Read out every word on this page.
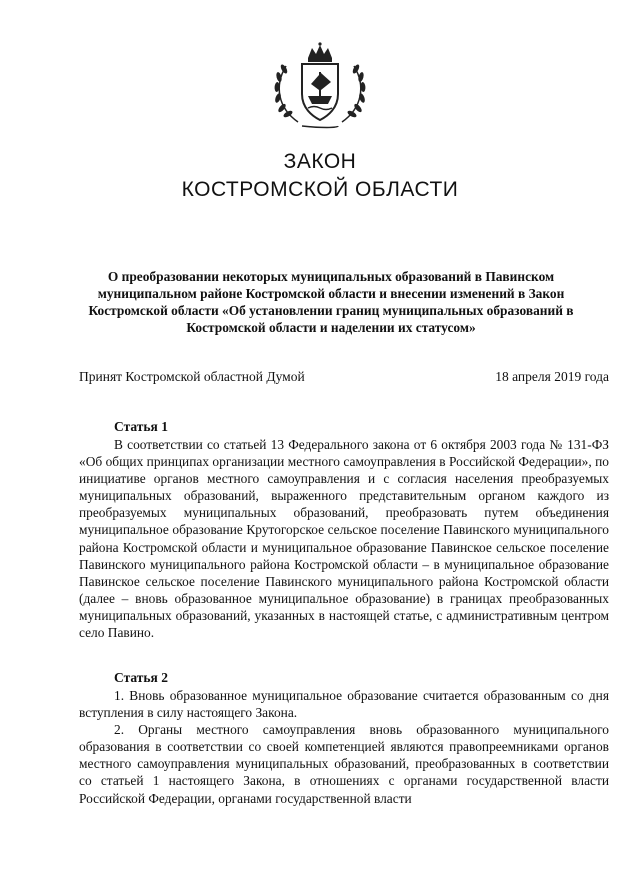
ЗАКОН
КОСТРОМСКОЙ ОБЛАСТИ
О преобразовании некоторых муниципальных образований в Павинском муниципальном районе Костромской области и внесении изменений в Закон Костромской области «Об установлении границ муниципальных образований в Костромской области и наделении их статусом»
Принят Костромской областной Думой	18 апреля 2019 года
Статья 1

В соответствии со статьей 13 Федерального закона от 6 октября 2003 года № 131-ФЗ «Об общих принципах организации местного самоуправления в Российской Федерации», по инициативе органов местного самоуправления и с согласия населения преобразуемых муниципальных образований, выраженного представительным органом каждого из преобразуемых муниципальных образований, преобразовать путем объединения муниципальное образование Крутогорское сельское поселение Павинского муниципального района Костромской области и муниципальное образование Павинское сельское поселение Павинского муниципального района Костромской области – в муниципальное образование Павинское сельское поселение Павинского муниципального района Костромской области (далее – вновь образованное муниципальное образование) в границах преобразованных муниципальных образований, указанных в настоящей статье, с административным центром село Павино.

Статья 2

1. Вновь образованное муниципальное образование считается образованным со дня вступления в силу настоящего Закона.

2. Органы местного самоуправления вновь образованного муниципального образования в соответствии со своей компетенцией являются правопреемниками органов местного самоуправления муниципальных образований, преобразованных в соответствии со статьей 1 настоящего Закона, в отношениях с органами государственной власти Российской Федерации, органами государственной власти
